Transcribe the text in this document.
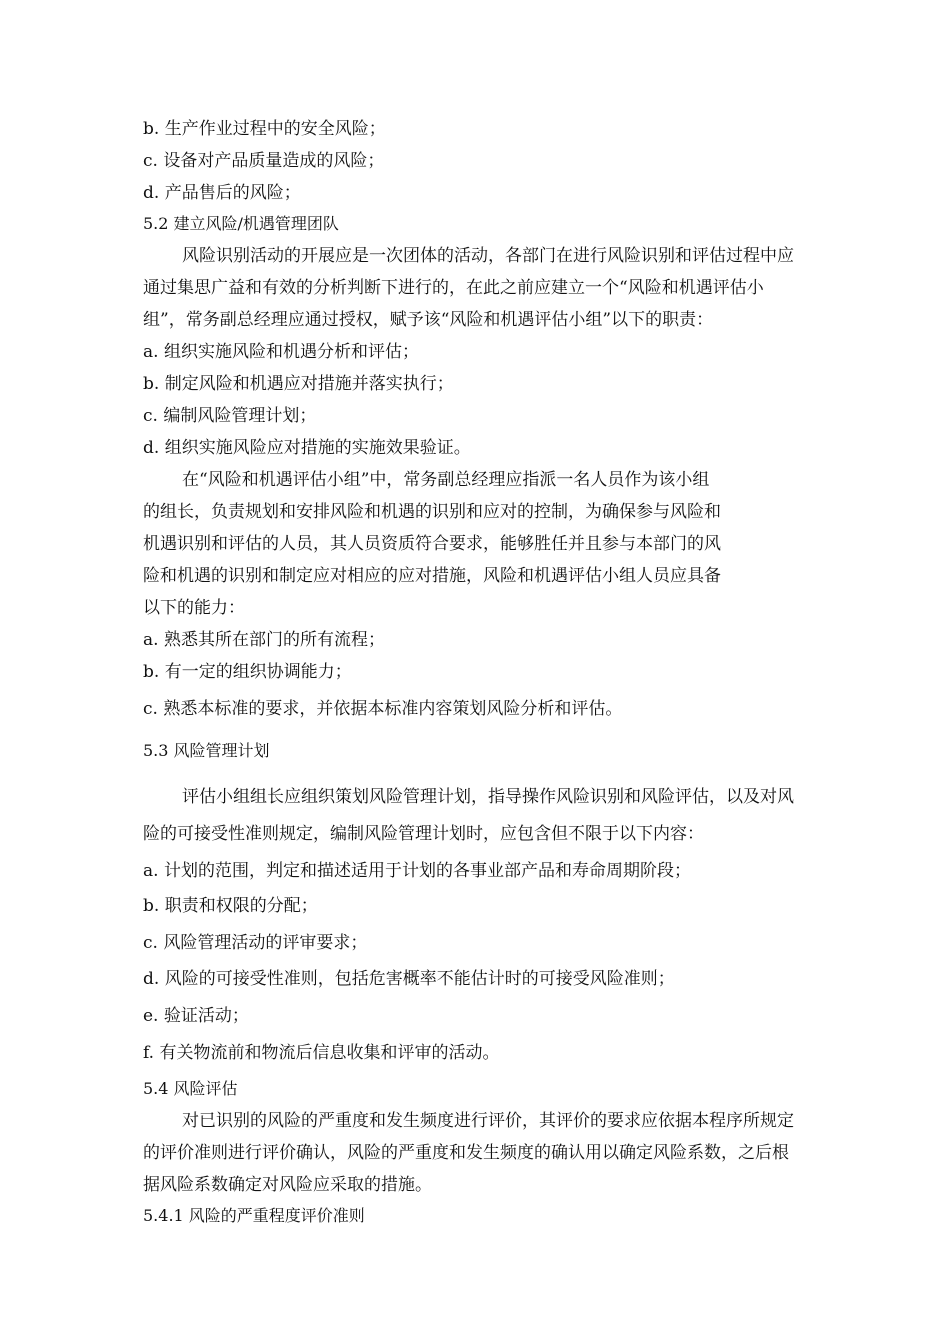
b. 生产作业过程中的安全风险；

c. 设备对产品质量造成的风险；

d. 产品售后的风险；

5.2 建立风险/机遇管理团队

风险识别活动的开展应是一次团体的活动，各部门在进行风险识别和评估过程中应

通过集思广益和有效的分析判断下进行的，在此之前应建立一个“风险和机遇评估小

组”，常务副总经理应通过授权，赋予该“风险和机遇评估小组”以下的职责：

a. 组织实施风险和机遇分析和评估；

b. 制定风险和机遇应对措施并落实执行；

c. 编制风险管理计划；

d. 组织实施风险应对措施的实施效果验证。

在“风险和机遇评估小组”中，常务副总经理应指派一名人员作为该小组

的组长，负责规划和安排风险和机遇的识别和应对的控制，为确保参与风险和

机遇识别和评估的人员，其人员资质符合要求，能够胜任并且参与本部门的风

险和机遇的识别和制定应对相应的应对措施，风险和机遇评估小组人员应具备

以下的能力：

a. 熟悉其所在部门的所有流程；

b. 有一定的组织协调能力；

c. 熟悉本标准的要求，并依据本标准内容策划风险分析和评估。

5.3 风险管理计划

评估小组组长应组织策划风险管理计划，指导操作风险识别和风险评估，以及对风

险的可接受性准则规定，编制风险管理计划时，应包含但不限于以下内容：

a. 计划的范围，判定和描述适用于计划的各事业部产品和寿命周期阶段；

b. 职责和权限的分配；

c. 风险管理活动的评审要求；

d. 风险的可接受性准则，包括危害概率不能估计时的可接受风险准则；

e. 验证活动；

f. 有关物流前和物流后信息收集和评审的活动。

5.4 风险评估

对已识别的风险的严重度和发生频度进行评价，其评价的要求应依据本程序所规定

的评价准则进行评价确认，风险的严重度和发生频度的确认用以确定风险系数，之后根

据风险系数确定对风险应采取的措施。

5.4.1 风险的严重程度评价准则
